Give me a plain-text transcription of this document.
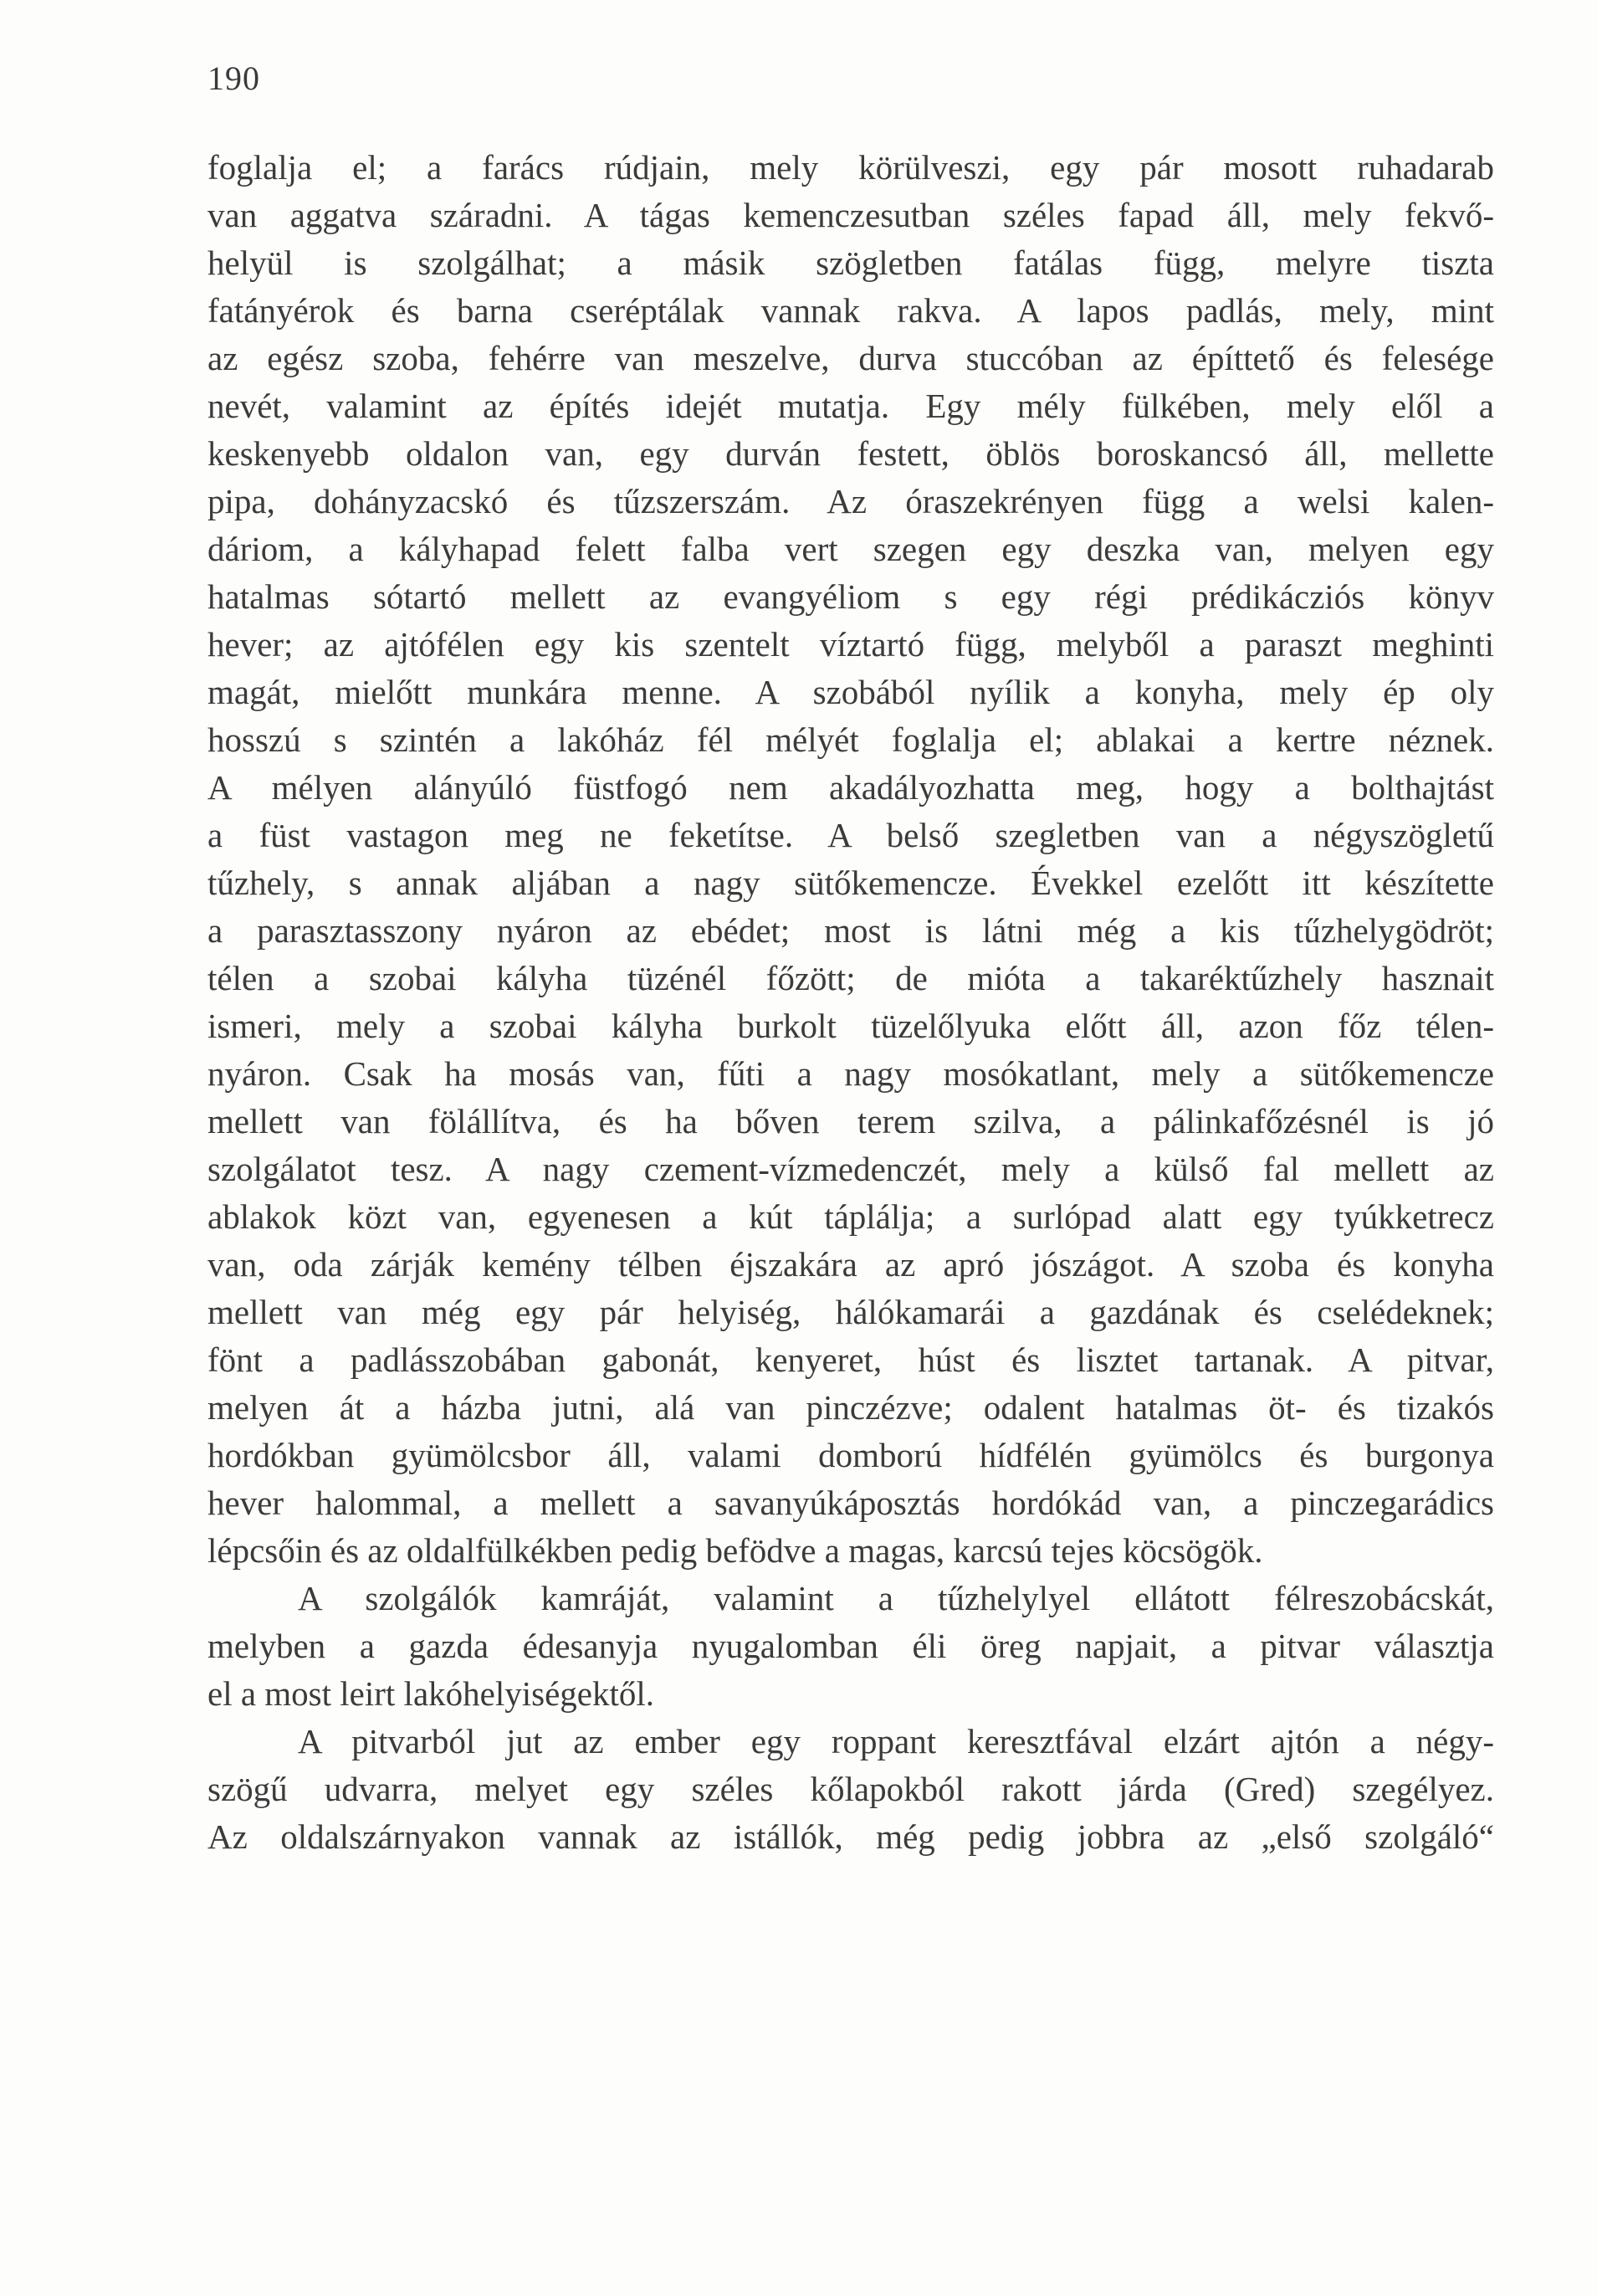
190
foglalja el; a farács rúdjain, mely körülveszi, egy pár mosott ruhadarab
van aggatva száradni. A tágas kemenczesutban széles fapad áll, mely fekvő-
helyül is szolgálhat; a másik szögletben fatálas függ, melyre tiszta
fatányérok és barna cseréptálak vannak rakva. A lapos padlás, mely, mint
az egész szoba, fehérre van meszelve, durva stuccóban az építtető és felesége
nevét, valamint az építés idejét mutatja. Egy mély fülkében, mely elől a
keskenyebb oldalon van, egy durván festett, öblös boroskancsó áll, mellette
pipa, dohányzacskó és tűzszerszám. Az óraszekrényen függ a welsi kalen-
dáriom, a kályhapad felett falba vert szegen egy deszka van, melyen egy
hatalmas sótartó mellett az evangyéliom s egy régi prédikácziós könyv
hever; az ajtófélen egy kis szentelt víztartó függ, melyből a paraszt meghinti
magát, mielőtt munkára menne. A szobából nyílik a konyha, mely ép oly
hosszú s szintén a lakóház fél mélyét foglalja el; ablakai a kertre néznek.
A mélyen alányúló füstfogó nem akadályozhatta meg, hogy a bolthajtást
a füst vastagon meg ne feketítse. A belső szegletben van a négyszögletű
tűzhely, s annak aljában a nagy sütőkemencze. Évekkel ezelőtt itt készítette
a parasztasszony nyáron az ebédet; most is látni még a kis tűzhelygödröt;
télen a szobai kályha tüzénél főzött; de mióta a takaréktűzhely hasznait
ismeri, mely a szobai kályha burkolt tüzelőlyuka előtt áll, azon főz télen-
nyáron. Csak ha mosás van, fűti a nagy mosókatlant, mely a sütőkemencze
mellett van fölállítva, és ha bőven terem szilva, a pálinkafőzésnél is jó
szolgálatot tesz. A nagy czement-vízmedenczét, mely a külső fal mellett az
ablakok közt van, egyenesen a kút táplálja; a surlópad alatt egy tyúkketrecz
van, oda zárják kemény télben éjszakára az apró jószágot. A szoba és konyha
mellett van még egy pár helyiség, hálókamarái a gazdának és cselédeknek;
fönt a padlásszobában gabonát, kenyeret, húst és lisztet tartanak. A pitvar,
melyen át a házba jutni, alá van pinczézve; odalent hatalmas öt- és tizakós
hordókban gyümölcsbor áll, valami domború hídfélén gyümölcs és burgonya
hever halommal, a mellett a savanyúkáposztás hordókád van, a pinczegarádics
lépcsőin és az oldalfülkékben pedig befödve a magas, karcsú tejes köcsögök.
A szolgálók kamráját, valamint a tűzhelylyel ellátott félreszobácskát,
melyben a gazda édesanyja nyugalomban éli öreg napjait, a pitvar választja
el a most leirt lakóhelyiségektől.
A pitvarból jut az ember egy roppant keresztfával elzárt ajtón a négy-
szögű udvarra, melyet egy széles kőlapokból rakott járda (Gred) szegélyez.
Az oldalszárnyakon vannak az istállók, még pedig jobbra az „első szolgáló“
